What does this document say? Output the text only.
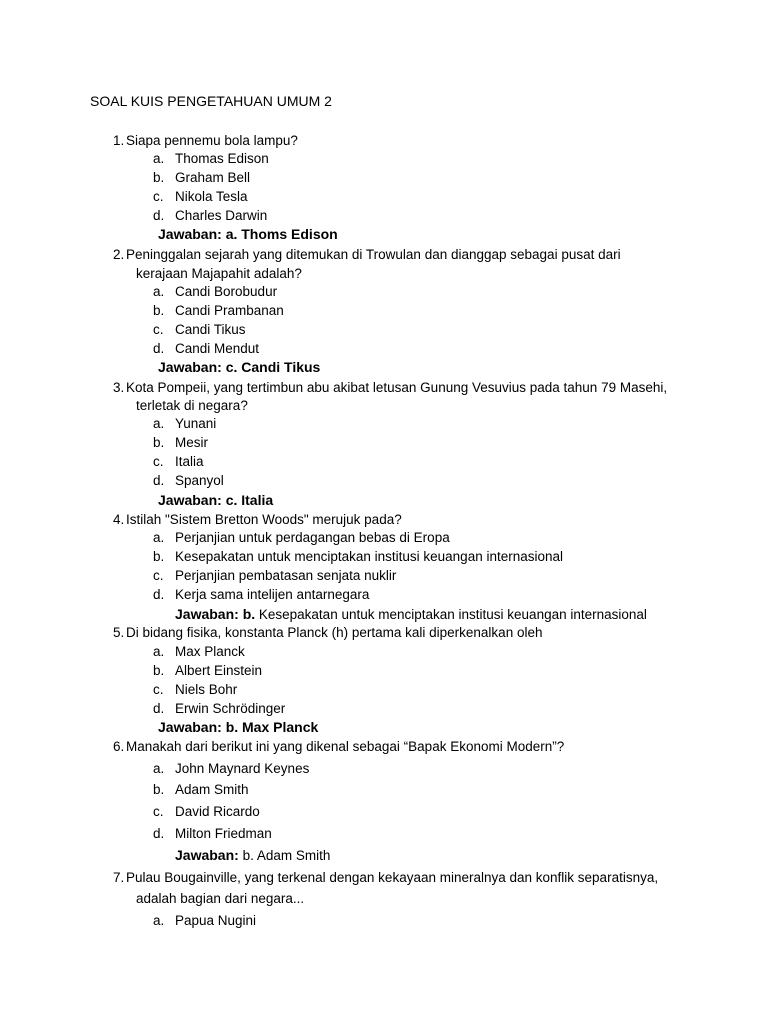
SOAL KUIS PENGETAHUAN UMUM 2
1. Siapa pennemu bola lampu?
a. Thomas Edison
b. Graham Bell
c. Nikola Tesla
d. Charles Darwin
Jawaban: a. Thoms Edison
2. Peninggalan sejarah yang ditemukan di Trowulan dan dianggap sebagai pusat dari
kerajaan Majapahit adalah?
a. Candi Borobudur
b. Candi Prambanan
c. Candi Tikus
d. Candi Mendut
Jawaban: c. Candi Tikus
3. Kota Pompeii, yang tertimbun abu akibat letusan Gunung Vesuvius pada tahun 79 Masehi,
terletak di negara?
a. Yunani
b. Mesir
c. Italia
d. Spanyol
Jawaban: c. Italia
4. Istilah "Sistem Bretton Woods" merujuk pada?
a. Perjanjian untuk perdagangan bebas di Eropa
b. Kesepakatan untuk menciptakan institusi keuangan internasional
c. Perjanjian pembatasan senjata nuklir
d. Kerja sama intelijen antarnegara
Jawaban: b. Kesepakatan untuk menciptakan institusi keuangan internasional
5. Di bidang fisika, konstanta Planck (h) pertama kali diperkenalkan oleh
a. Max Planck
b. Albert Einstein
c. Niels Bohr
d. Erwin Schrödinger
Jawaban: b. Max Planck
6. Manakah dari berikut ini yang dikenal sebagai “Bapak Ekonomi Modern”?
a. John Maynard Keynes
b. Adam Smith
c. David Ricardo
d. Milton Friedman
Jawaban: b. Adam Smith
7. Pulau Bougainville, yang terkenal dengan kekayaan mineralnya dan konflik separatisnya,
adalah bagian dari negara...
a. Papua Nugini
